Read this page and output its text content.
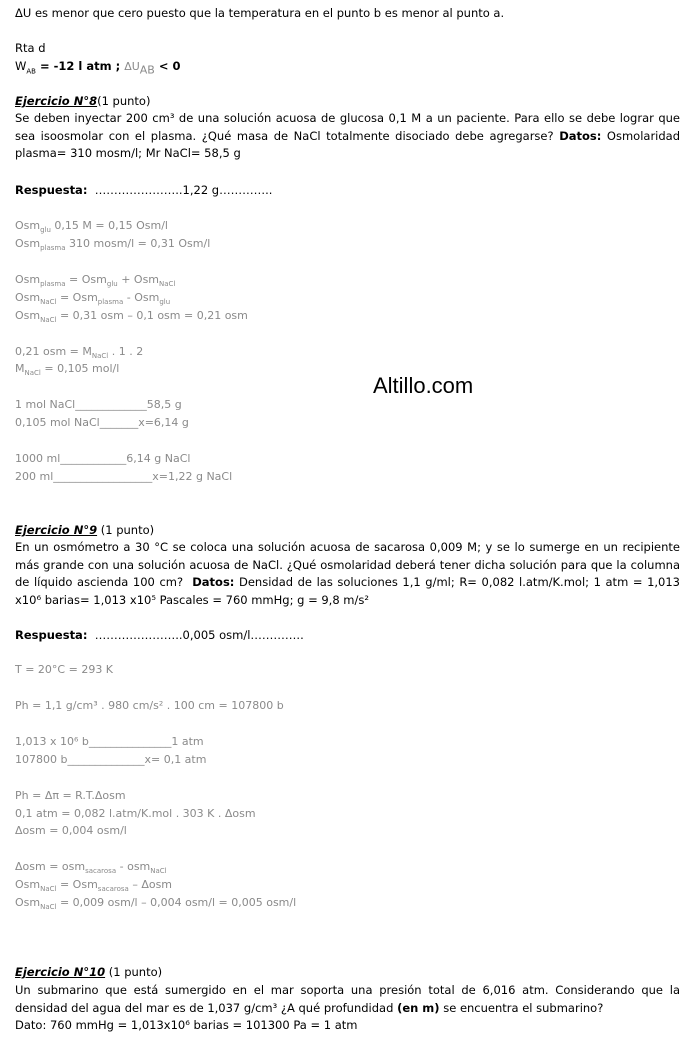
ΔU es menor que cero puesto que la temperatura en el punto b es menor al punto a.
Rta d
$W_{AB} = -12$ l atm ; $\Delta U_{AB} < 0$
Ejercicio N°8(1 punto)
Se deben inyectar 200 cm³ de una solución acuosa de glucosa 0,1 M a un paciente. Para ello se debe lograr que
sea isoosmolar con el plasma. ¿Qué masa de NaCl totalmente disociado debe agregarse? Datos: Osmolaridad
plasma= 310 mosm/l; Mr NaCl= 58,5 g
Respuesta: …………………..1,22 g…………..
Osm$_{glu}$ 0,15 M = 0,15 Osm/l
Osm$_{plasma}$ 310 mosm/l = 0,31 Osm/l
Osm$_{plasma}$ = Osm$_{glu}$ + Osm$_{NaCl}$
Osm$_{NaCl}$ = Osm$_{plasma}$ - Osm$_{glu}$
Osm$_{NaCl}$ = 0,31 osm – 0,1 osm = 0,21 osm
0,21 osm = $M_{NaCl}$ . 1 . 2
$M_{NaCl} = 0,105$ mol/l
1 mol NaCl_____________58,5 g
0,105 mol NaCl_______x=6,14 g
1000 ml____________6,14 g NaCl
200 ml__________________x=1,22 g NaCl
Altillo.com
Ejercicio N°9 (1 punto)
En un osmómetro a 30 °C se coloca una solución acuosa de sacarosa 0,009 M; y se lo sumerge en un recipiente
más grande con una solución acuosa de NaCl. ¿Qué osmolaridad deberá tener dicha solución para que la columna
de líquido ascienda 100 cm? Datos: Densidad de las soluciones 1,1 g/ml; R= 0,082 l.atm/K.mol; 1 atm = 1,013
x10⁶ barias= 1,013 x10⁵ Pascales = 760 mmHg; g = 9,8 m/s²
Respuesta: …………………..0,005 osm/l…………..
T = 20°C = 293 K
Ph = 1,1 g/cm³ . 980 cm/s² . 100 cm = 107800 b
1,013 x 10⁶ b_______________1 atm
107800 b______________x= 0,1 atm
Ph = Δπ = R.T.Δosm
0,1 atm = 0,082 l.atm/K.mol . 303 K . Δosm
Δosm = 0,004 osm/l
Δosm = osm$_{sacarosa}$ - osm$_{NaCl}$
Osm$_{NaCl}$ = Osm$_{sacarosa}$ – Δosm
Osm$_{NaCl}$ = 0,009 osm/l – 0,004 osm/l = 0,005 osm/l
Ejercicio N°10 (1 punto)
Un submarino que está sumergido en el mar soporta una presión total de 6,016 atm. Considerando que la
densidad del agua del mar es de 1,037 g/cm³ ¿A qué profundidad (en m) se encuentra el submarino?
Dato: 760 mmHg = 1,013x10⁶ barias = 101300 Pa = 1 atm
